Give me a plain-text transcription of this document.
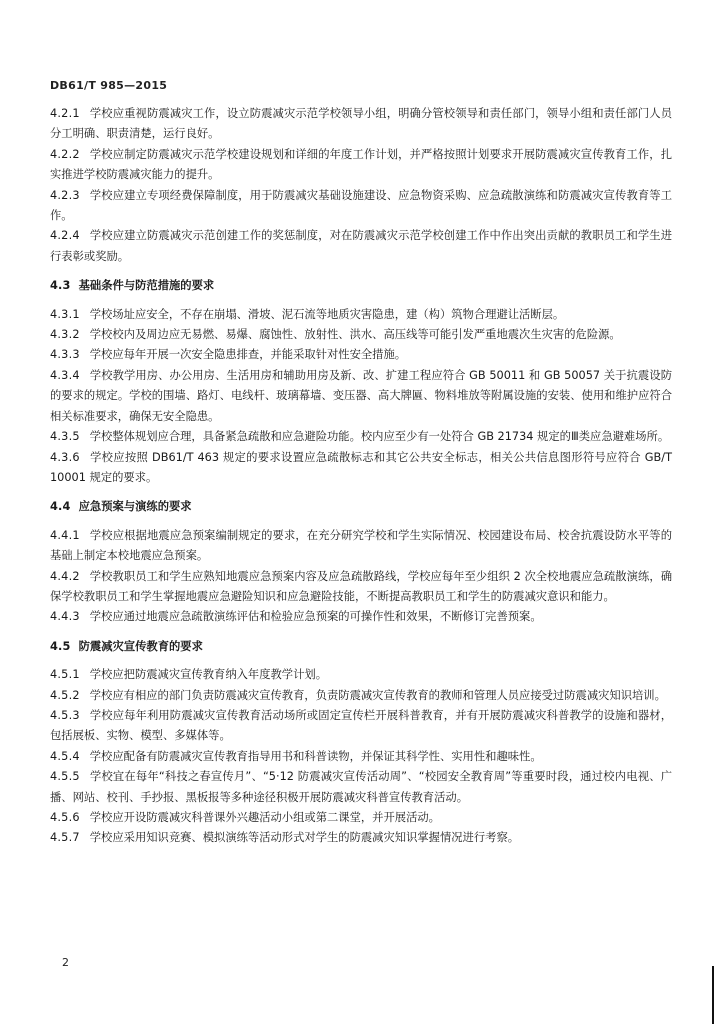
DB61/T 985—2015
4.2.1 学校应重视防震减灾工作，设立防震减灾示范学校领导小组，明确分管校领导和责任部门，领导小组和责任部门人员分工明确、职责清楚，运行良好。
4.2.2 学校应制定防震减灾示范学校建设规划和详细的年度工作计划，并严格按照计划要求开展防震减灾宣传教育工作，扎实推进学校防震减灾能力的提升。
4.2.3 学校应建立专项经费保障制度，用于防震减灾基础设施建设、应急物资采购、应急疏散演练和防震减灾宣传教育等工作。
4.2.4 学校应建立防震减灾示范创建工作的奖惩制度，对在防震减灾示范学校创建工作中作出突出贡献的教职员工和学生进行表彰或奖励。
4.3 基础条件与防范措施的要求
4.3.1 学校场址应安全，不存在崩塌、滑坡、泥石流等地质灾害隐患，建（构）筑物合理避让活断层。
4.3.2 学校校内及周边应无易燃、易爆、腐蚀性、放射性、洪水、高压线等可能引发严重地震次生灾害的危险源。
4.3.3 学校应每年开展一次安全隐患排查，并能采取针对性安全措施。
4.3.4 学校教学用房、办公用房、生活用房和辅助用房及新、改、扩建工程应符合 GB 50011 和 GB 50057 关于抗震设防的要求的规定。学校的围墙、路灯、电线杆、玻璃幕墙、变压器、高大牌匾、物料堆放等附属设施的安装、使用和维护应符合相关标准要求，确保无安全隐患。
4.3.5 学校整体规划应合理，具备紧急疏散和应急避险功能。校内应至少有一处符合 GB 21734 规定的Ⅲ类应急避难场所。
4.3.6 学校应按照 DB61/T 463 规定的要求设置应急疏散标志和其它公共安全标志，相关公共信息图形符号应符合 GB/T 10001 规定的要求。
4.4 应急预案与演练的要求
4.4.1 学校应根据地震应急预案编制规定的要求，在充分研究学校和学生实际情况、校园建设布局、校舍抗震设防水平等的基础上制定本校地震应急预案。
4.4.2 学校教职员工和学生应熟知地震应急预案内容及应急疏散路线，学校应每年至少组织 2 次全校地震应急疏散演练，确保学校教职员工和学生掌握地震应急避险知识和应急避险技能，不断提高教职员工和学生的防震减灾意识和能力。
4.4.3 学校应通过地震应急疏散演练评估和检验应急预案的可操作性和效果，不断修订完善预案。
4.5 防震减灾宣传教育的要求
4.5.1 学校应把防震减灾宣传教育纳入年度教学计划。
4.5.2 学校应有相应的部门负责防震减灾宣传教育，负责防震减灾宣传教育的教师和管理人员应接受过防震减灾知识培训。
4.5.3 学校应每年利用防震减灾宣传教育活动场所或固定宣传栏开展科普教育，并有开展防震减灾科普教学的设施和器材，包括展板、实物、模型、多媒体等。
4.5.4 学校应配备有防震减灾宣传教育指导用书和科普读物，并保证其科学性、实用性和趣味性。
4.5.5 学校宜在每年“科技之春宣传月”、“5·12 防震减灾宣传活动周”、“校园安全教育周”等重要时段，通过校内电视、广播、网站、校刊、手抄报、黑板报等多种途径积极开展防震减灾科普宣传教育活动。
4.5.6 学校应开设防震减灾科普课外兴趣活动小组或第二课堂，并开展活动。
4.5.7 学校应采用知识竞赛、模拟演练等活动形式对学生的防震减灾知识掌握情况进行考察。
2
